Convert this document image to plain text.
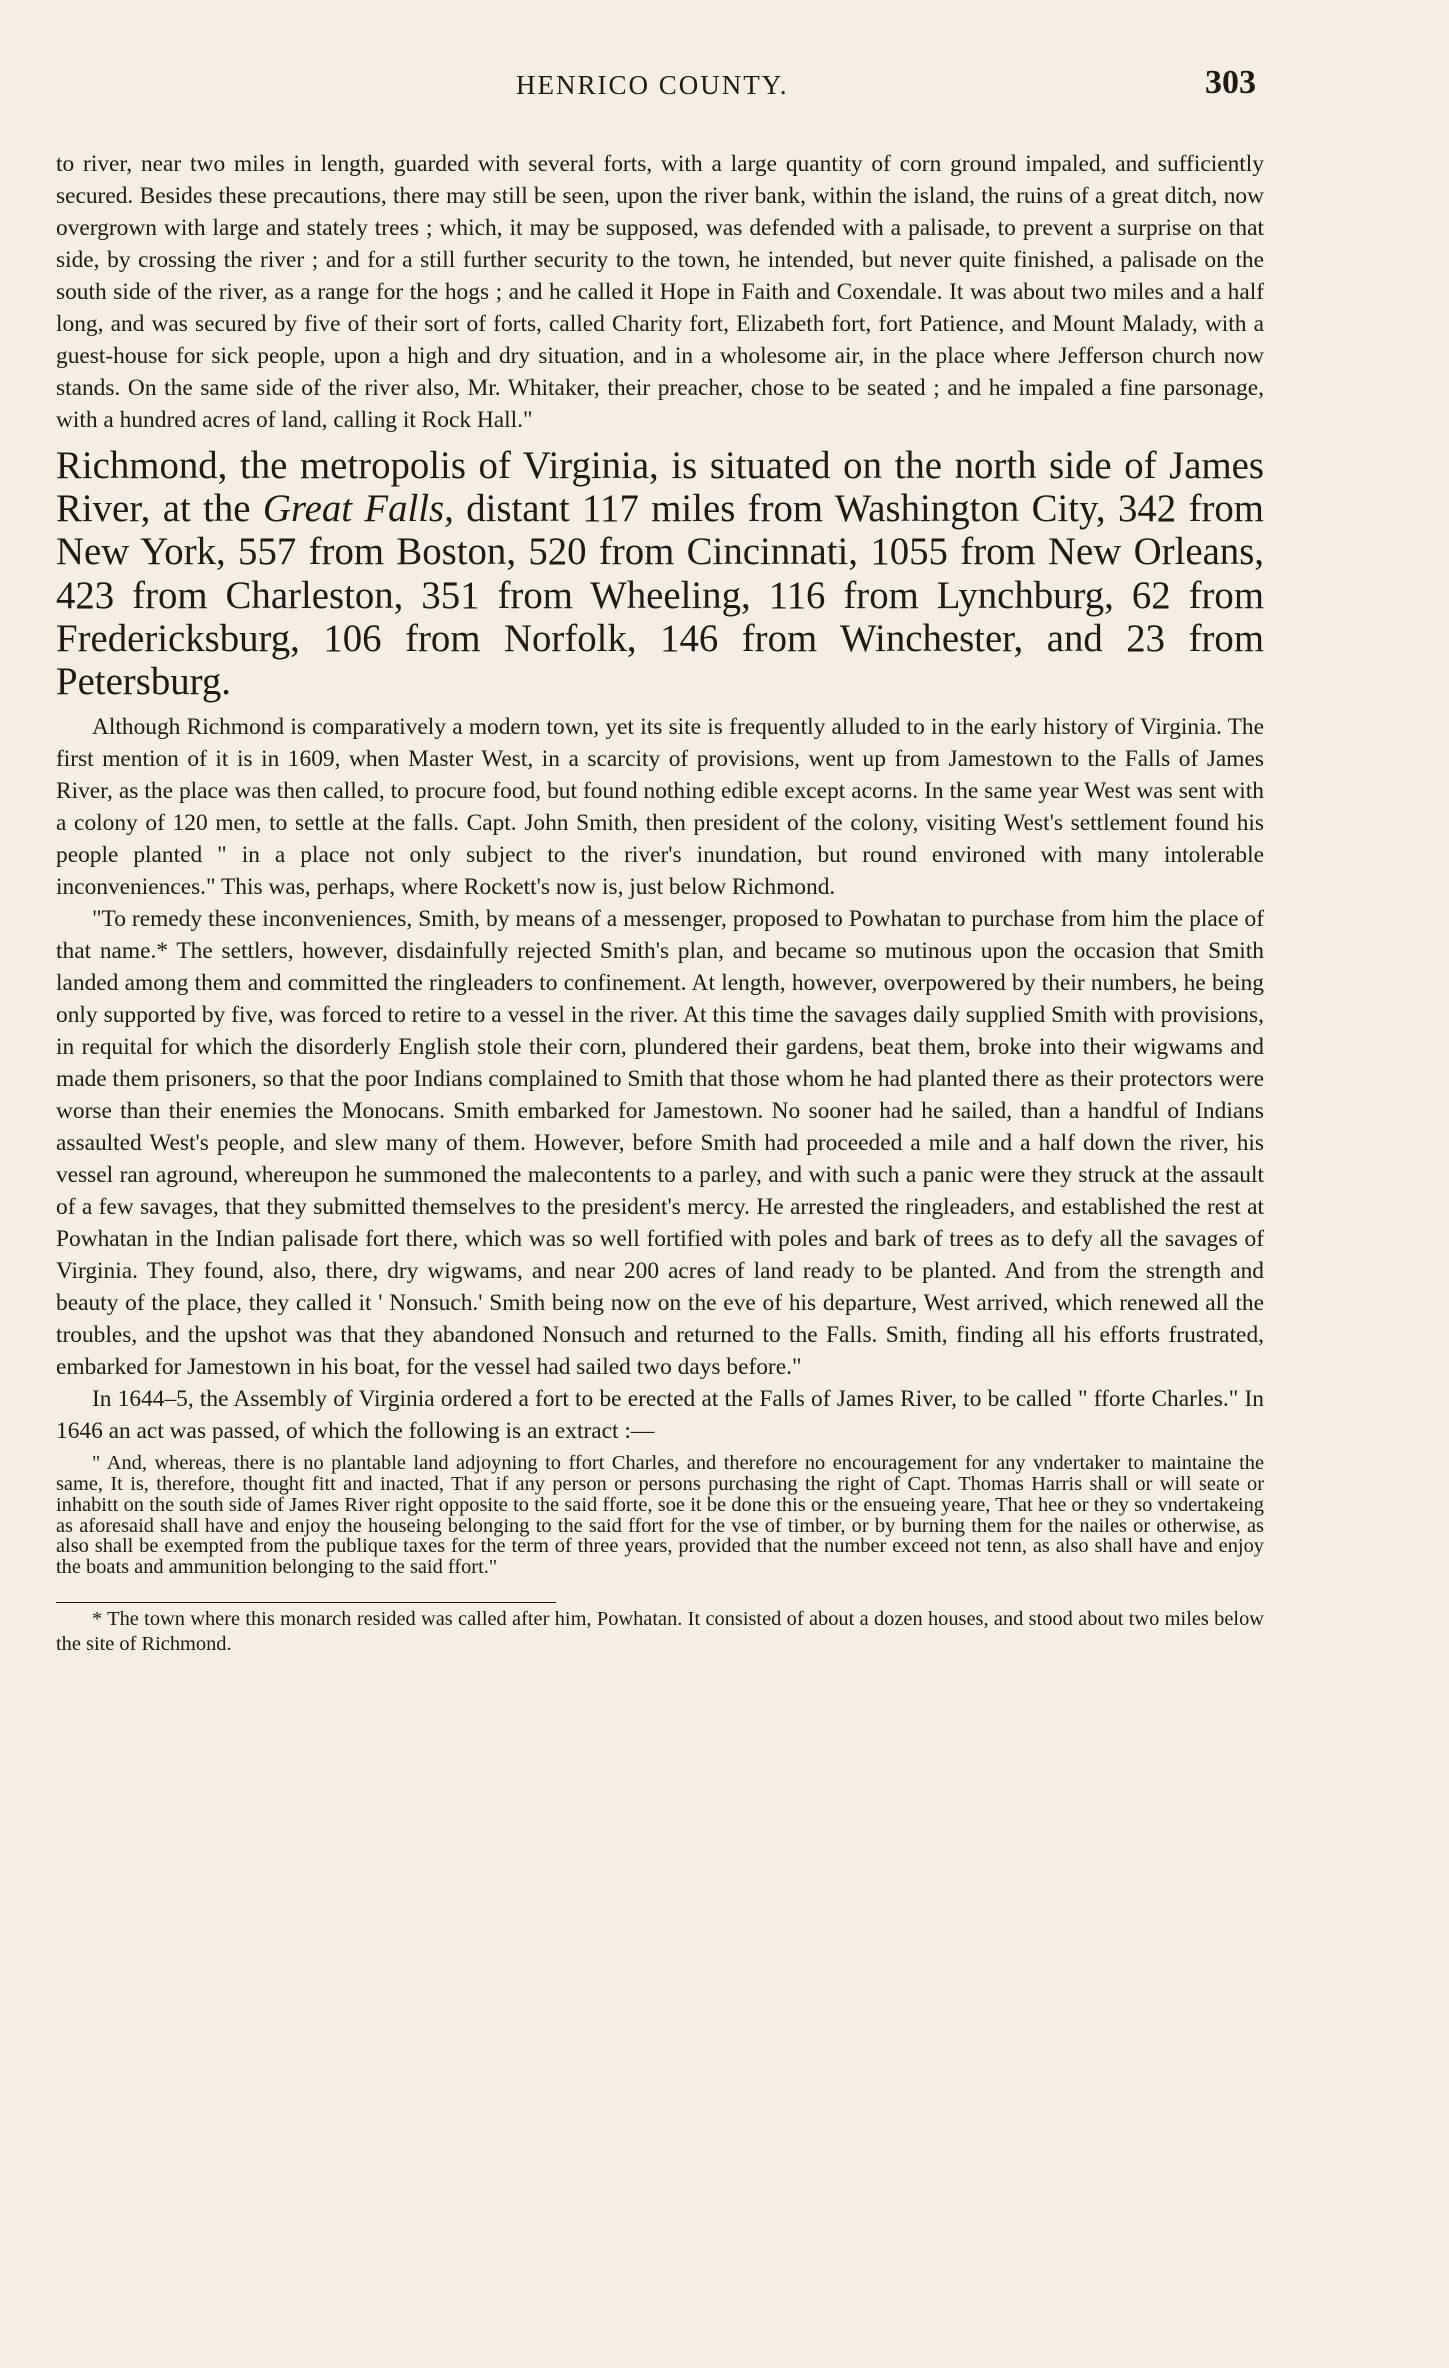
HENRICO COUNTY.	303

to river, near two miles in length, guarded with several forts, with a large quantity of corn ground impaled, and sufficiently secured. Besides these precautions, there may still be seen, upon the river bank, within the island, the ruins of a great ditch, now overgrown with large and stately trees ; which, it may be supposed, was defended with a palisade, to prevent a surprise on that side, by crossing the river ; and for a still further security to the town, he intended, but never quite finished, a palisade on the south side of the river, as a range for the hogs ; and he called it Hope in Faith and Coxendale. It was about two miles and a half long, and was secured by five of their sort of forts, called Charity fort, Elizabeth fort, fort Patience, and Mount Malady, with a guest-house for sick people, upon a high and dry situation, and in a wholesome air, in the place where Jefferson church now stands. On the same side of the river also, Mr. Whitaker, their preacher, chose to be seated ; and he impaled a fine parsonage, with a hundred acres of land, calling it Rock Hall."

Richmond, the metropolis of Virginia, is situated on the north side of James River, at the Great Falls, distant 117 miles from Washington City, 342 from New York, 557 from Boston, 520 from Cincinnati, 1055 from New Orleans, 423 from Charleston, 351 from Wheeling, 116 from Lynchburg, 62 from Fredericksburg, 106 from Norfolk, 146 from Winchester, and 23 from Petersburg.

Although Richmond is comparatively a modern town, yet its site is frequently alluded to in the early history of Virginia. The first mention of it is in 1609, when Master West, in a scarcity of provisions, went up from Jamestown to the Falls of James River, as the place was then called, to procure food, but found nothing edible except acorns. In the same year West was sent with a colony of 120 men, to settle at the falls. Capt. John Smith, then president of the colony, visiting West's settlement found his people planted " in a place not only subject to the river's inundation, but round environed with many intolerable inconveniences." This was, perhaps, where Rockett's now is, just below Richmond.

"To remedy these inconveniences, Smith, by means of a messenger, proposed to Powhatan to purchase from him the place of that name.* The settlers, however, disdainfully rejected Smith's plan, and became so mutinous upon the occasion that Smith landed among them and committed the ringleaders to confinement. At length, however, overpowered by their numbers, he being only supported by five, was forced to retire to a vessel in the river. At this time the savages daily supplied Smith with provisions, in requital for which the disorderly English stole their corn, plundered their gardens, beat them, broke into their wigwams and made them prisoners, so that the poor Indians complained to Smith that those whom he had planted there as their protectors were worse than their enemies the Monocans. Smith embarked for Jamestown. No sooner had he sailed, than a handful of Indians assaulted West's people, and slew many of them. However, before Smith had proceeded a mile and a half down the river, his vessel ran aground, whereupon he summoned the malecontents to a parley, and with such a panic were they struck at the assault of a few savages, that they submitted themselves to the president's mercy. He arrested the ringleaders, and established the rest at Powhatan in the Indian palisade fort there, which was so well fortified with poles and bark of trees as to defy all the savages of Virginia. They found, also, there, dry wigwams, and near 200 acres of land ready to be planted. And from the strength and beauty of the place, they called it ' Nonsuch.' Smith being now on the eve of his departure, West arrived, which renewed all the troubles, and the upshot was that they abandoned Nonsuch and returned to the Falls. Smith, finding all his efforts frustrated, embarked for Jamestown in his boat, for the vessel had sailed two days before."

In 1644–5, the Assembly of Virginia ordered a fort to be erected at the Falls of James River, to be called " fforte Charles." In 1646 an act was passed, of which the following is an extract :—

" And, whereas, there is no plantable land adjoyning to ffort Charles, and therefore no encouragement for any vndertaker to maintaine the same, It is, therefore, thought fitt and inacted, That if any person or persons purchasing the right of Capt. Thomas Harris shall or will seate or inhabitt on the south side of James River right opposite to the said fforte, soe it be done this or the ensueing yeare, That hee or they so vndertakeing as aforesaid shall have and enjoy the houseing belonging to the said ffort for the vse of timber, or by burning them for the nailes or otherwise, as also shall be exempted from the publique taxes for the term of three years, provided that the number exceed not tenn, as also shall have and enjoy the boats and ammunition belonging to the said ffort."

* The town where this monarch resided was called after him, Powhatan. It consisted of about a dozen houses, and stood about two miles below the site of Richmond.
